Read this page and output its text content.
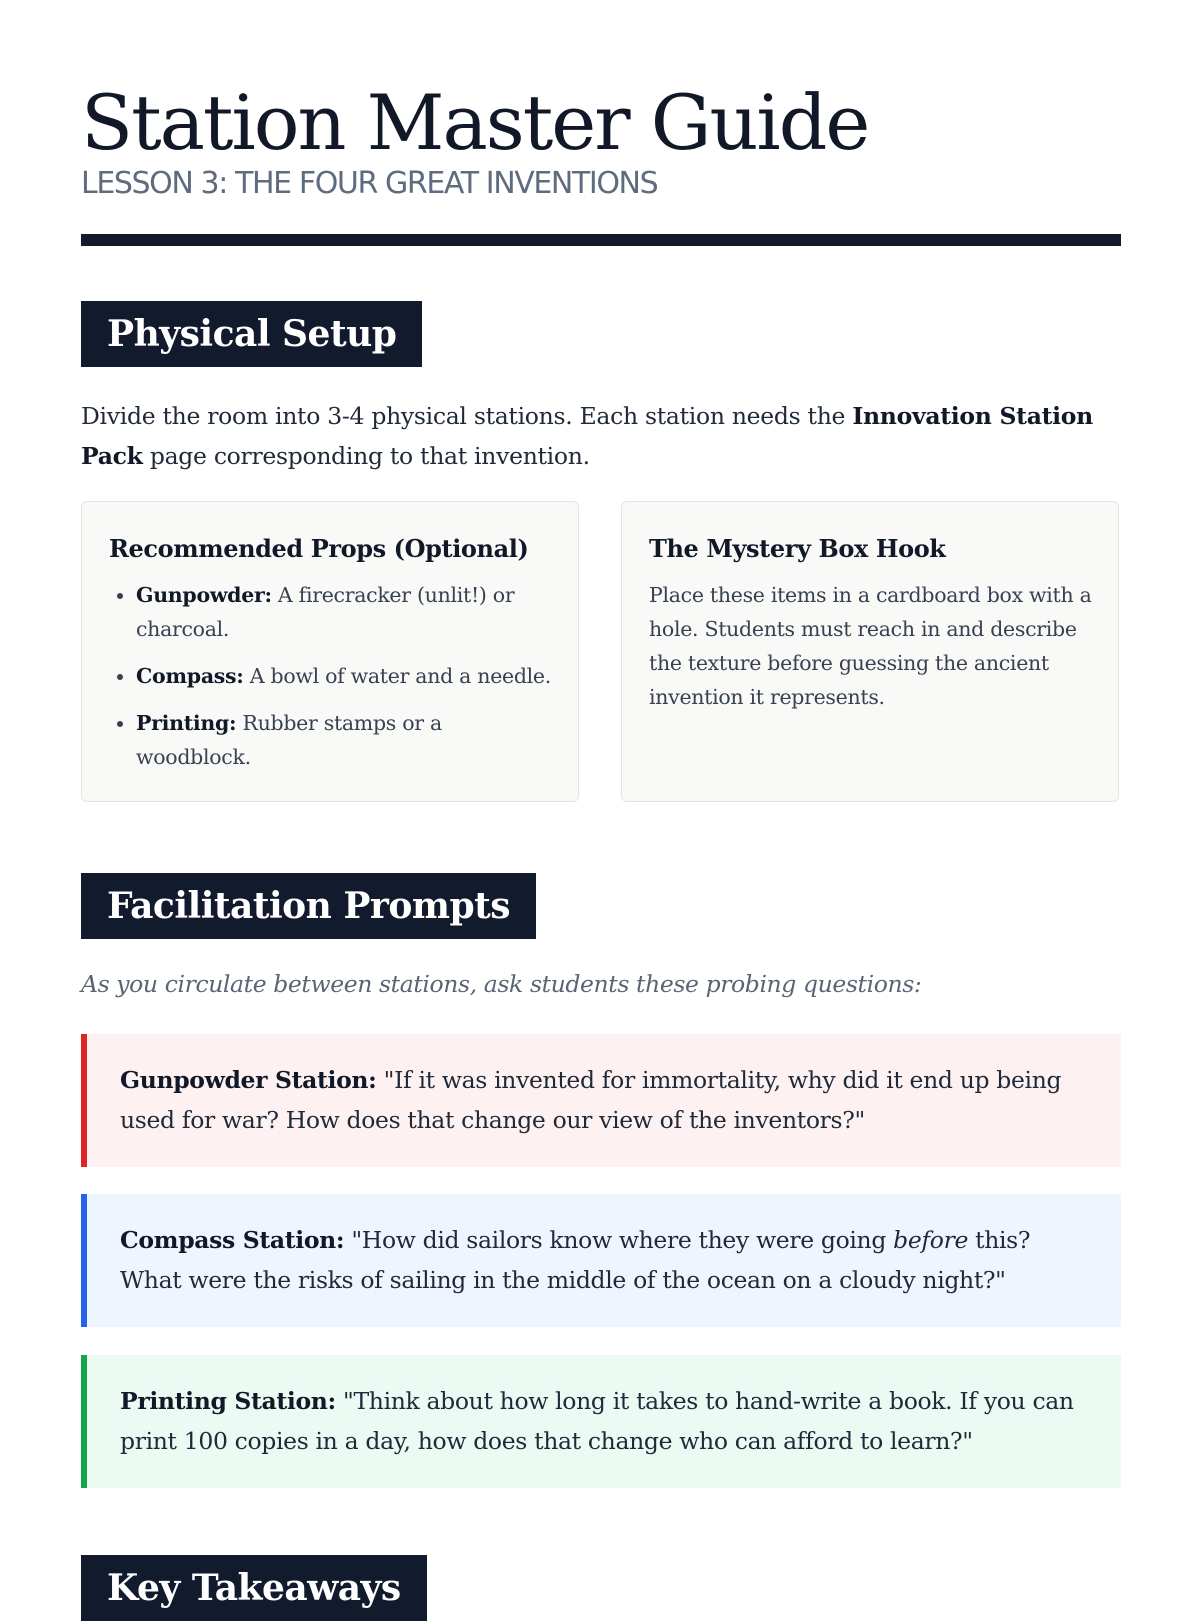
Station Master Guide
LESSON 3: THE FOUR GREAT INVENTIONS
Physical Setup

Divide the room into 3-4 physical stations. Each station needs the Innovation Station Pack page corresponding to that invention.

Recommended Props (Optional)
• Gunpowder: A firecracker (unlit!) or charcoal.
• Compass: A bowl of water and a needle.
• Printing: Rubber stamps or a woodblock.
The Mystery Box Hook

Place these items in a cardboard box with a hole. Students must reach in and describe the texture before guessing the ancient invention it represents.

Facilitation Prompts

As you circulate between stations, ask students these probing questions:

Gunpowder Station: "If it was invented for immortality, why did it end up being used for war? How does that change our view of the inventors?"
Compass Station: "How did sailors know where they were going before this? What were the risks of sailing in the middle of the ocean on a cloudy night?"
Printing Station: "Think about how long it takes to hand-write a book. If you can print 100 copies in a day, how does that change who can afford to learn?"
Key Takeaways
